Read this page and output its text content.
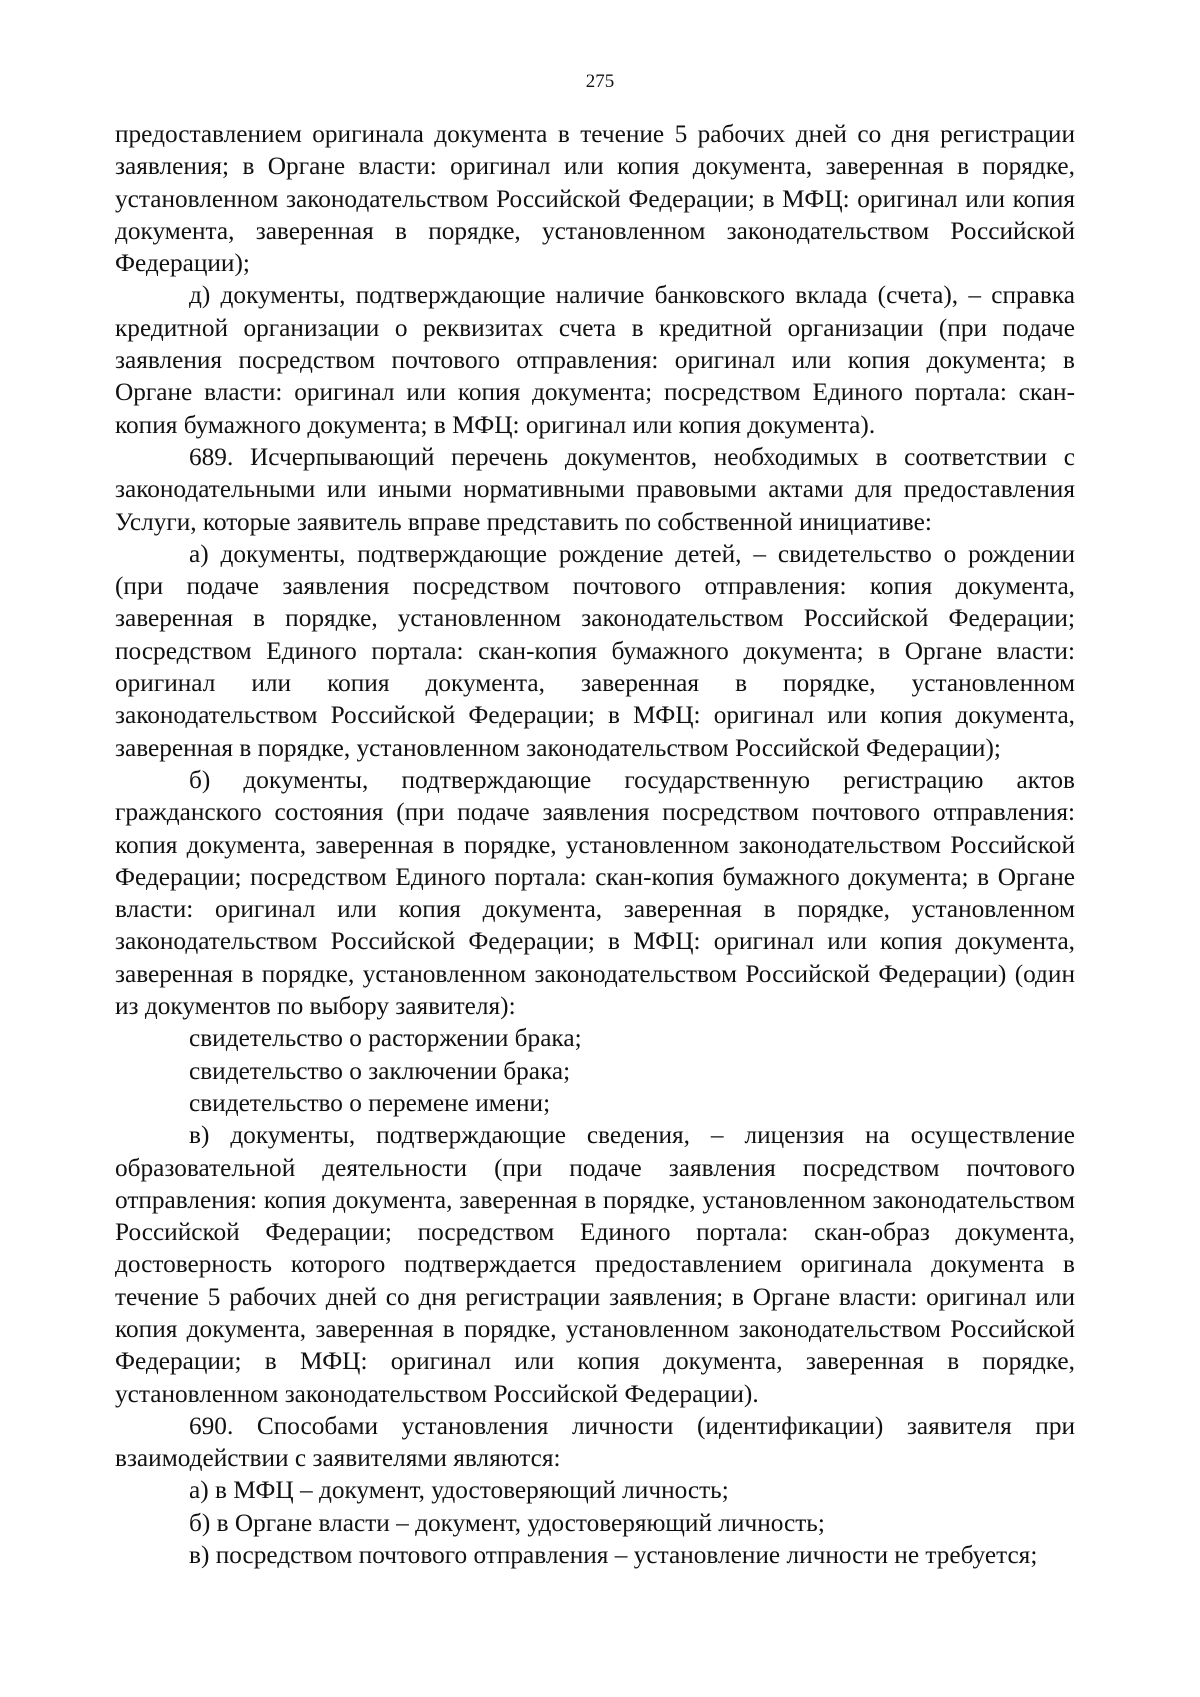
275

предоставлением оригинала документа в течение 5 рабочих дней со дня регистрации заявления; в Органе власти: оригинал или копия документа, заверенная в порядке, установленном законодательством Российской Федерации; в МФЦ: оригинал или копия документа, заверенная в порядке, установленном законодательством Российской Федерации);

д) документы, подтверждающие наличие банковского вклада (счета), – справка кредитной организации о реквизитах счета в кредитной организации (при подаче заявления посредством почтового отправления: оригинал или копия документа; в Органе власти: оригинал или копия документа; посредством Единого портала: скан-копия бумажного документа; в МФЦ: оригинал или копия документа).

689. Исчерпывающий перечень документов, необходимых в соответствии с законодательными или иными нормативными правовыми актами для предоставления Услуги, которые заявитель вправе представить по собственной инициативе:

а) документы, подтверждающие рождение детей, – свидетельство о рождении (при подаче заявления посредством почтового отправления: копия документа, заверенная в порядке, установленном законодательством Российской Федерации; посредством Единого портала: скан-копия бумажного документа; в Органе власти: оригинал или копия документа, заверенная в порядке, установленном законодательством Российской Федерации; в МФЦ: оригинал или копия документа, заверенная в порядке, установленном законодательством Российской Федерации);

б) документы, подтверждающие государственную регистрацию актов гражданского состояния (при подаче заявления посредством почтового отправления: копия документа, заверенная в порядке, установленном законодательством Российской Федерации; посредством Единого портала: скан-копия бумажного документа; в Органе власти: оригинал или копия документа, заверенная в порядке, установленном законодательством Российской Федерации; в МФЦ: оригинал или копия документа, заверенная в порядке, установленном законодательством Российской Федерации) (один из документов по выбору заявителя):

свидетельство о расторжении брака;

свидетельство о заключении брака;

свидетельство о перемене имени;

в) документы, подтверждающие сведения, – лицензия на осуществление образовательной деятельности (при подаче заявления посредством почтового отправления: копия документа, заверенная в порядке, установленном законодательством Российской Федерации; посредством Единого портала: скан-образ документа, достоверность которого подтверждается предоставлением оригинала документа в течение 5 рабочих дней со дня регистрации заявления; в Органе власти: оригинал или копия документа, заверенная в порядке, установленном законодательством Российской Федерации; в МФЦ: оригинал или копия документа, заверенная в порядке, установленном законодательством Российской Федерации).

690. Способами установления личности (идентификации) заявителя при взаимодействии с заявителями являются:

а) в МФЦ – документ, удостоверяющий личность;

б) в Органе власти – документ, удостоверяющий личность;

в) посредством почтового отправления – установление личности не требуется;
